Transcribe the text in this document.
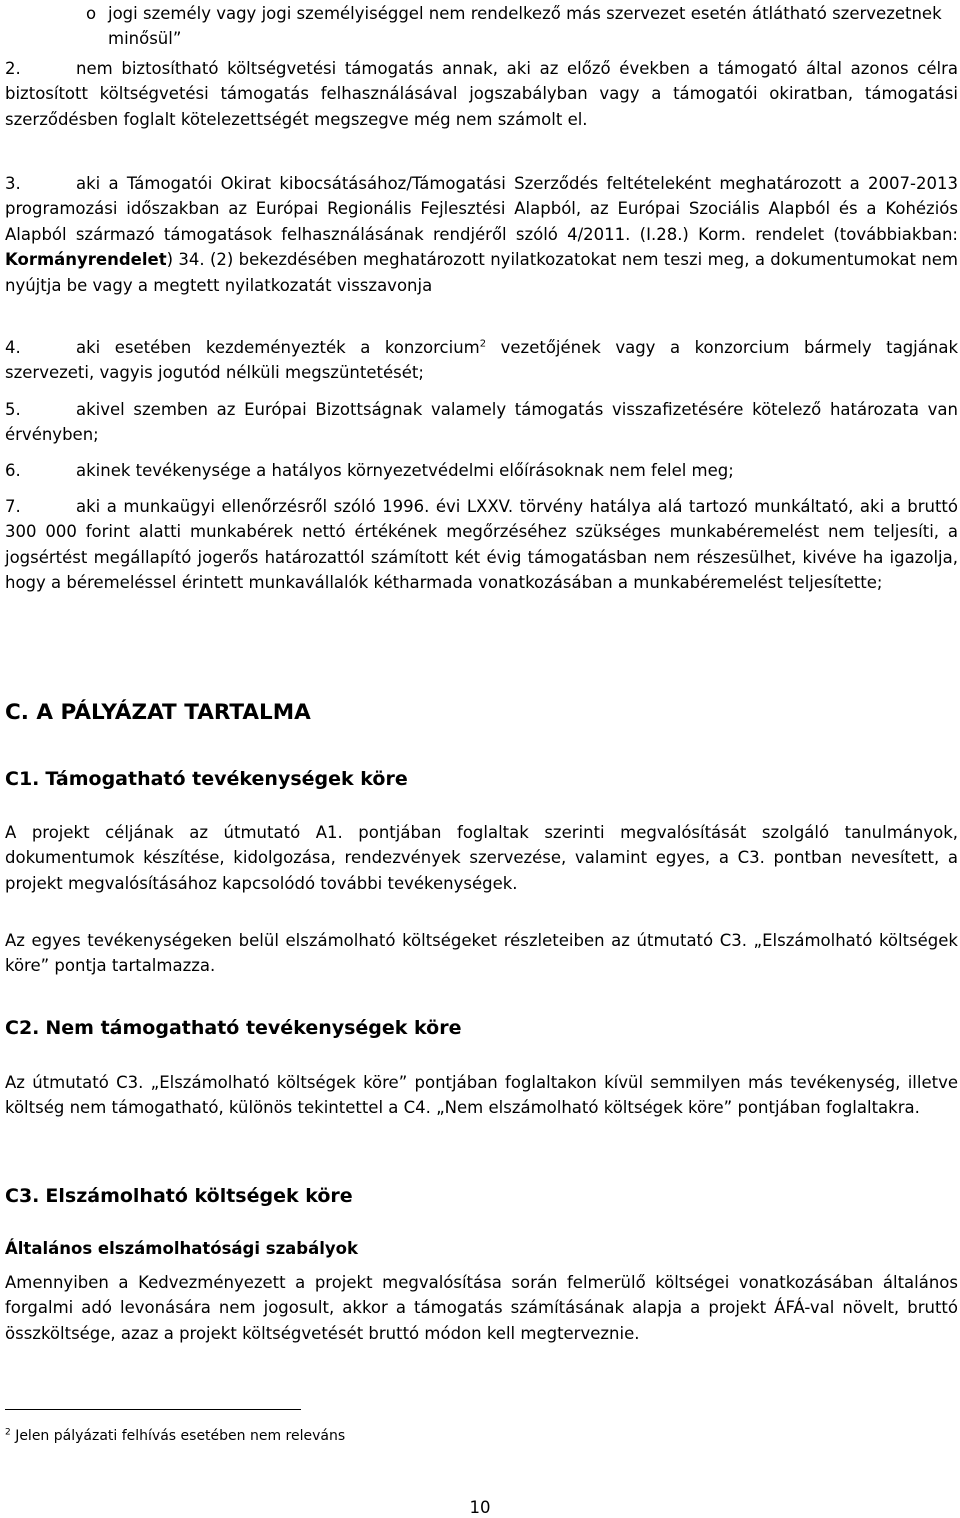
o jogi személy vagy jogi személyiséggel nem rendelkező más szervezet esetén átlátható szervezetnek minősül”
2.	nem biztosítható költségvetési támogatás annak, aki az előző években a támogató által azonos célra biztosított költségvetési támogatás felhasználásával jogszabályban vagy a támogatói okiratban, támogatási szerződésben foglalt kötelezettségét megszegve még nem számolt el.
3.	aki a Támogatói Okirat kibocsátásához/Támogatási Szerződés feltételeként meghatározott a 2007-2013 programozási időszakban az Európai Regionális Fejlesztési Alapból, az Európai Szociális Alapból és a Kohéziós Alapból származó támogatások felhasználásának rendjéről szóló 4/2011. (I.28.) Korm. rendelet (továbbiakban: Kormányrendelet) 34. (2) bekezdésében meghatározott nyilatkozatokat nem teszi meg, a dokumentumokat nem nyújtja be vagy a megtett nyilatkozatát visszavonja
4.	aki esetében kezdeményezték a konzorcium$^2$ vezetőjének vagy a konzorcium bármely tagjának szervezeti, vagyis jogutód nélküli megszüntetését;
5.	akivel szemben az Európai Bizottságnak valamely támogatás visszafizetésére kötelező határozata van érvényben;
6.	akinek tevékenysége a hatályos környezetvédelmi előírásoknak nem felel meg;
7.	aki a munkaügyi ellenőrzésről szóló 1996. évi LXXV. törvény hatálya alá tartozó munkáltató, aki a bruttó 300 000 forint alatti munkabérek nettó értékének megőrzéséhez szükséges munkabéremelést nem teljesíti, a jogsértést megállapító jogerős határozattól számított két évig támogatásban nem részesülhet, kivéve ha igazolja, hogy a béremeléssel érintett munkavállalók kétharmada vonatkozásában a munkabéremelést teljesítette;
C. A PÁLYÁZAT TARTALMA
C1. Támogatható tevékenységek köre
A projekt céljának az útmutató A1. pontjában foglaltak szerinti megvalósítását szolgáló tanulmányok, dokumentumok készítése, kidolgozása, rendezvények szervezése, valamint egyes, a C3. pontban nevesített, a projekt megvalósításához kapcsolódó további tevékenységek.
Az egyes tevékenységeken belül elszámolható költségeket részleteiben az útmutató C3. „Elszámolható költségek köre” pontja tartalmazza.
C2. Nem támogatható tevékenységek köre
Az útmutató C3. „Elszámolható költségek köre” pontjában foglaltakon kívül semmilyen más tevékenység, illetve költség nem támogatható, különös tekintettel a C4. „Nem elszámolható költségek köre” pontjában foglaltakra.
C3. Elszámolható költségek köre
Általános elszámolhatósági szabályok
Amennyiben a Kedvezményezett a projekt megvalósítása során felmerülő költségei vonatkozásában általános forgalmi adó levonására nem jogosult, akkor a támogatás számításának alapja a projekt ÁFÁ-val növelt, bruttó összköltsége, azaz a projekt költségvetését bruttó módon kell megterveznie.
$^2$ Jelen pályázati felhívás esetében nem releváns
10
